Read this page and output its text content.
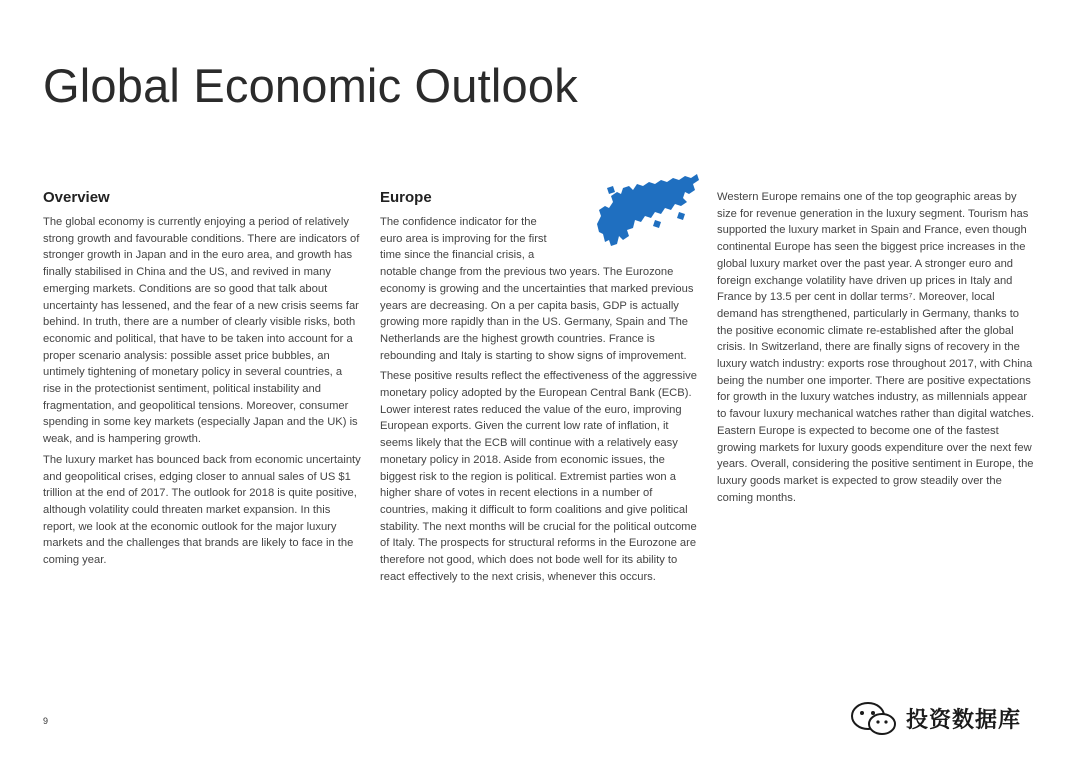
Global Economic Outlook
Overview
The global economy is currently enjoying a period of relatively strong growth and favourable conditions. There are indicators of stronger growth in Japan and in the euro area, and growth has finally stabilised in China and the US, and revived in many emerging markets. Conditions are so good that talk about uncertainty has lessened, and the fear of a new crisis seems far behind. In truth, there are a number of clearly visible risks, both economic and political, that have to be taken into account for a proper scenario analysis: possible asset price bubbles, an untimely tightening of monetary policy in several countries, a rise in the protectionist sentiment, political instability and fragmentation, and geopolitical tensions. Moreover, consumer spending in some key markets (especially Japan and the UK) is weak, and is hampering growth.
The luxury market has bounced back from economic uncertainty and geopolitical crises, edging closer to annual sales of US $1 trillion at the end of 2017. The outlook for 2018 is quite positive, although volatility could threaten market expansion. In this report, we look at the economic outlook for the major luxury markets and the challenges that brands are likely to face in the coming year.
Europe
The confidence indicator for the euro area is improving for the first time since the financial crisis, a
notable change from the previous two years. The Eurozone economy is growing and the uncertainties that marked previous years are decreasing. On a per capita basis, GDP is actually growing more rapidly than in the US. Germany, Spain and The Netherlands are the highest growth countries. France is rebounding and Italy is starting to show signs of improvement.
These positive results reflect the effectiveness of the aggressive monetary policy adopted by the European Central Bank (ECB). Lower interest rates reduced the value of the euro, improving European exports. Given the current low rate of inflation, it seems likely that the ECB will continue with a relatively easy monetary policy in 2018. Aside from economic issues, the biggest risk to the region is political. Extremist parties won a higher share of votes in recent elections in a number of countries, making it difficult to form coalitions and give political stability. The next months will be crucial for the political outcome of Italy. The prospects for structural reforms in the Eurozone are therefore not good, which does not bode well for its ability to react effectively to the next crisis, whenever this occurs.
Western Europe remains one of the top geographic areas by size for revenue generation in the luxury segment. Tourism has supported the luxury market in Spain and France, even though continental Europe has seen the biggest price increases in the global luxury market over the past year. A stronger euro and foreign exchange volatility have driven up prices in Italy and France by 13.5 per cent in dollar terms⁷. Moreover, local demand has strengthened, particularly in Germany, thanks to the positive economic climate re-established after the global crisis. In Switzerland, there are finally signs of recovery in the luxury watch industry: exports rose throughout 2017, with China being the number one importer. There are positive expectations for growth in the luxury watches industry, as millennials appear to favour luxury mechanical watches rather than digital watches. Eastern Europe is expected to become one of the fastest growing markets for luxury goods expenditure over the next few years. Overall, considering the positive sentiment in Europe, the luxury goods market is expected to grow steadily over the coming months.
9	投资数据库
